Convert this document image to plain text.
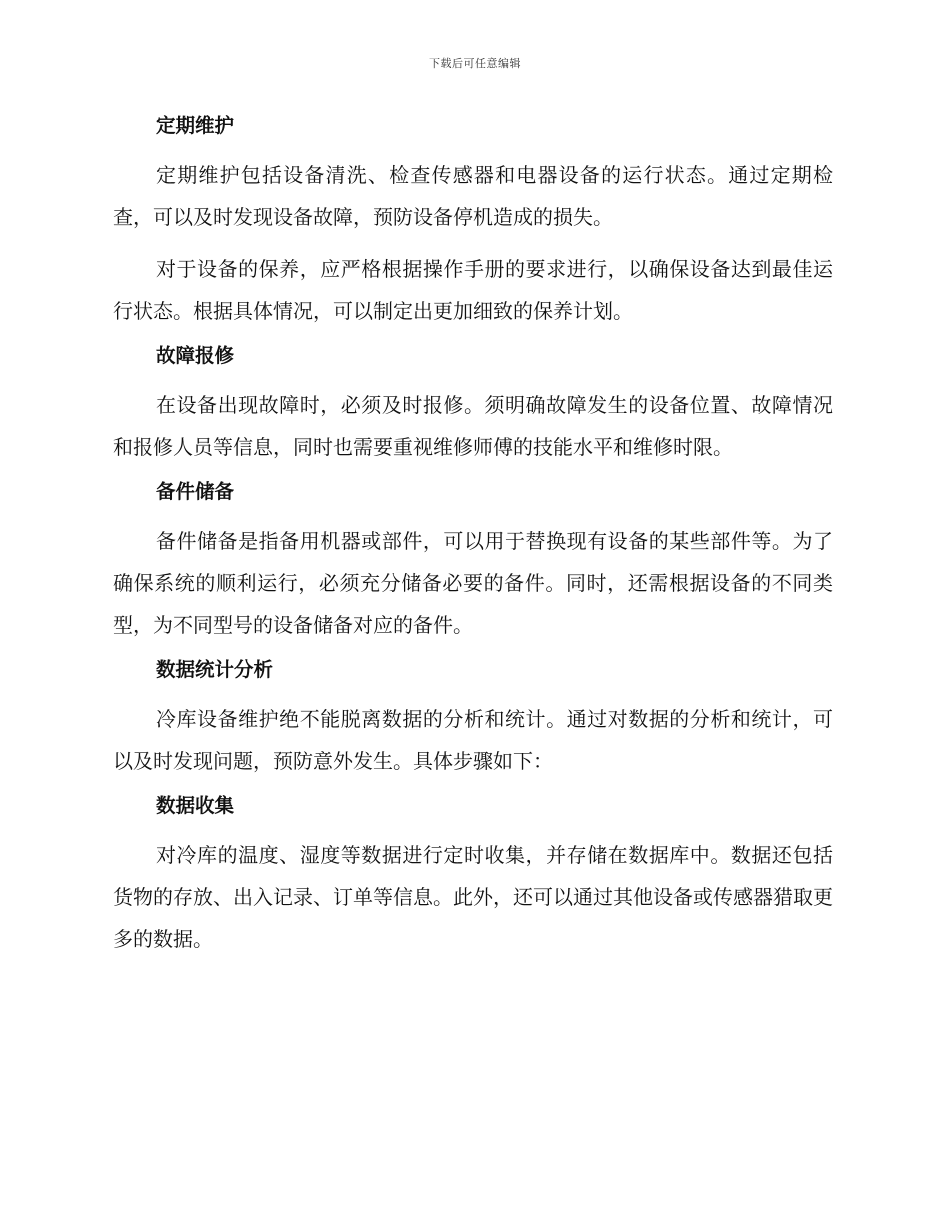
下载后可任意编辑
定期维护

定期维护包括设备清洗、检查传感器和电器设备的运行状态。通过定期检查，可以及时发现设备故障，预防设备停机造成的损失。

对于设备的保养，应严格根据操作手册的要求进行，以确保设备达到最佳运行状态。根据具体情况，可以制定出更加细致的保养计划。

故障报修

在设备出现故障时，必须及时报修。须明确故障发生的设备位置、故障情况和报修人员等信息，同时也需要重视维修师傅的技能水平和维修时限。

备件储备

备件储备是指备用机器或部件，可以用于替换现有设备的某些部件等。为了确保系统的顺利运行，必须充分储备必要的备件。同时，还需根据设备的不同类型，为不同型号的设备储备对应的备件。

数据统计分析

冷库设备维护绝不能脱离数据的分析和统计。通过对数据的分析和统计，可以及时发现问题，预防意外发生。具体步骤如下：

数据收集

对冷库的温度、湿度等数据进行定时收集，并存储在数据库中。数据还包括货物的存放、出入记录、订单等信息。此外，还可以通过其他设备或传感器猎取更多的数据。
